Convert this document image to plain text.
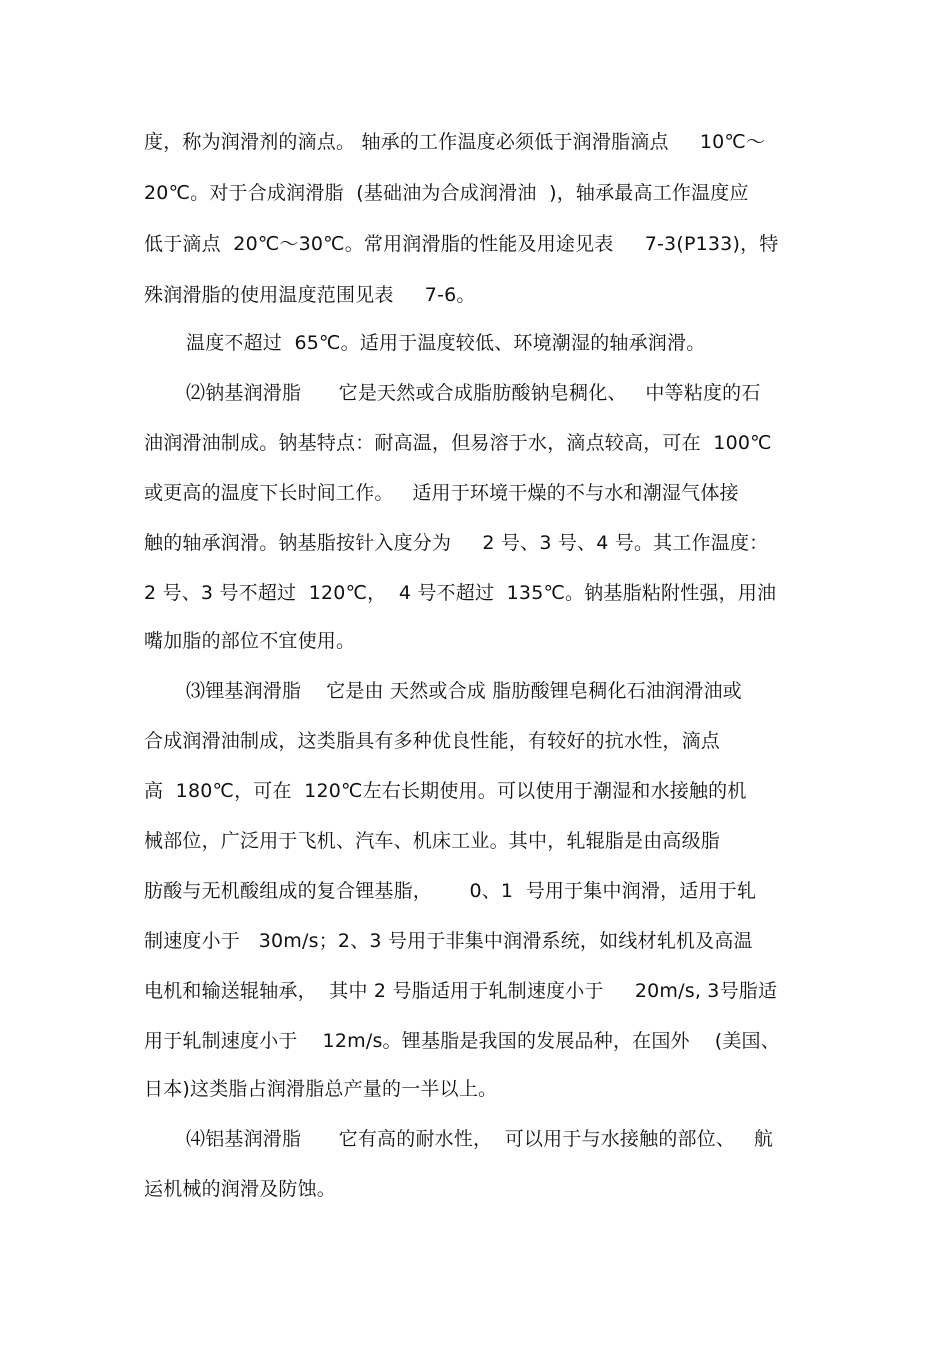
度，称为润滑剂的滴点。 轴承的工作温度必须低于润滑脂滴点     10℃～
20℃。对于合成润滑脂  (基础油为合成润滑油  )，轴承最高工作温度应
低于滴点  20℃～30℃。常用润滑脂的性能及用途见表     7-3(P133)，特
殊润滑脂的使用温度范围见表     7-6。
温度不超过  65℃。适用于温度较低、环境潮湿的轴承润滑。
⑵钠基润滑脂      它是天然或合成脂肪酸钠皂稠化、   中等粘度的石
油润滑油制成。钠基特点：耐高温，但易溶于水，滴点较高，可在  100℃
或更高的温度下长时间工作。   适用于环境干燥的不与水和潮湿气体接
触的轴承润滑。钠基脂按针入度分为     2 号、3 号、4 号。其工作温度：
2 号、3 号不超过  120℃，  4 号不超过  135℃。钠基脂粘附性强，用油
嘴加脂的部位不宜使用。
⑶锂基润滑脂    它是由 天然或合成 脂肪酸锂皂稠化石油润滑油或
合成润滑油制成，这类脂具有多种优良性能，有较好的抗水性，滴点
高  180℃，可在  120℃左右长期使用。可以使用于潮湿和水接触的机
械部位，广泛用于飞机、汽车、机床工业。其中，轧辊脂是由高级脂
肪酸与无机酸组成的复合锂基脂，      0、1  号用于集中润滑，适用于轧
制速度小于   30m/s；2、3 号用于非集中润滑系统，如线材轧机及高温
电机和输送辊轴承，  其中 2 号脂适用于轧制速度小于     20m/s, 3号脂适
用于轧制速度小于    12m/s。锂基脂是我国的发展品种，在国外    (美国、
日本)这类脂占润滑脂总产量的一半以上。
⑷铝基润滑脂      它有高的耐水性，  可以用于与水接触的部位、   航
运机械的润滑及防蚀。
